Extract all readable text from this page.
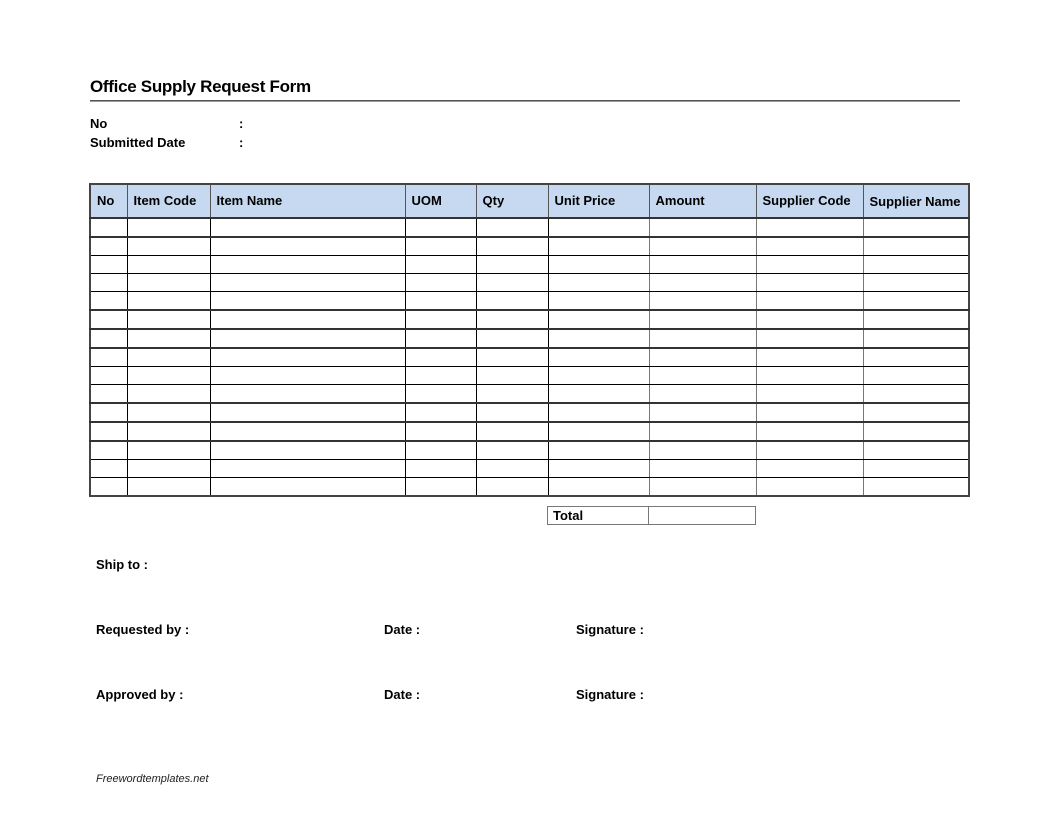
Office Supply Request Form
No	:
Submitted Date	:
No	Item Code	Item Name	UOM	Qty	Unit Price	Amount	Supplier Code	Supplier Name

Total	
Ship to :
Requested by :	Date :	Signature :
Approved by :	Date :	Signature :
Freewordtemplates.net
